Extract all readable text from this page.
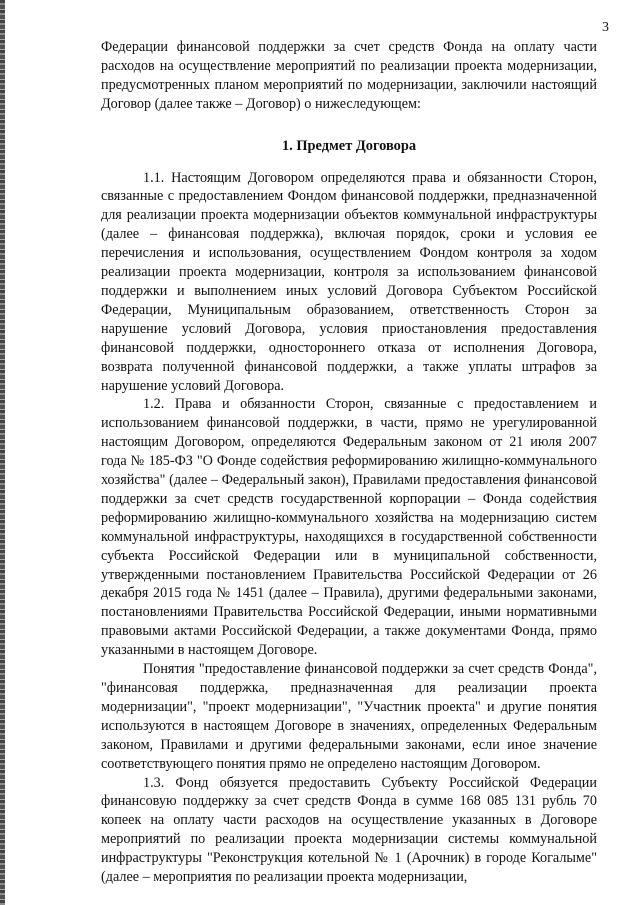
3

Федерации финансовой поддержки за счет средств Фонда на оплату части расходов на осуществление мероприятий по реализации проекта модернизации, предусмотренных планом мероприятий по модернизации, заключили настоящий Договор (далее также – Договор) о нижеследующем:

1. Предмет Договора

1.1. Настоящим Договором определяются права и обязанности Сторон, связанные с предоставлением Фондом финансовой поддержки, предназначенной для реализации проекта модернизации объектов коммунальной инфраструктуры (далее – финансовая поддержка), включая порядок, сроки и условия ее перечисления и использования, осуществлением Фондом контроля за ходом реализации проекта модернизации, контроля за использованием финансовой поддержки и выполнением иных условий Договора Субъектом Российской Федерации, Муниципальным образованием, ответственность Сторон за нарушение условий Договора, условия приостановления предоставления финансовой поддержки, одностороннего отказа от исполнения Договора, возврата полученной финансовой поддержки, а также уплаты штрафов за нарушение условий Договора.

1.2. Права и обязанности Сторон, связанные с предоставлением и использованием финансовой поддержки, в части, прямо не урегулированной настоящим Договором, определяются Федеральным законом от 21 июля 2007 года № 185-ФЗ "О Фонде содействия реформированию жилищно-коммунального хозяйства" (далее – Федеральный закон), Правилами предоставления финансовой поддержки за счет средств государственной корпорации – Фонда содействия реформированию жилищно-коммунального хозяйства на модернизацию систем коммунальной инфраструктуры, находящихся в государственной собственности субъекта Российской Федерации или в муниципальной собственности, утвержденными постановлением Правительства Российской Федерации от 26 декабря 2015 года № 1451 (далее – Правила), другими федеральными законами, постановлениями Правительства Российской Федерации, иными нормативными правовыми актами Российской Федерации, а также документами Фонда, прямо указанными в настоящем Договоре.

Понятия "предоставление финансовой поддержки за счет средств Фонда", "финансовая поддержка, предназначенная для реализации проекта модернизации", "проект модернизации", "Участник проекта" и другие понятия используются в настоящем Договоре в значениях, определенных Федеральным законом, Правилами и другими федеральными законами, если иное значение соответствующего понятия прямо не определено настоящим Договором.

1.3. Фонд обязуется предоставить Субъекту Российской Федерации финансовую поддержку за счет средств Фонда в сумме 168 085 131 рубль 70 копеек на оплату части расходов на осуществление указанных в Договоре мероприятий по реализации проекта модернизации системы коммунальной инфраструктуры "Реконструкция котельной № 1 (Арочник) в городе Когалыме" (далее – мероприятия по реализации проекта модернизации,
